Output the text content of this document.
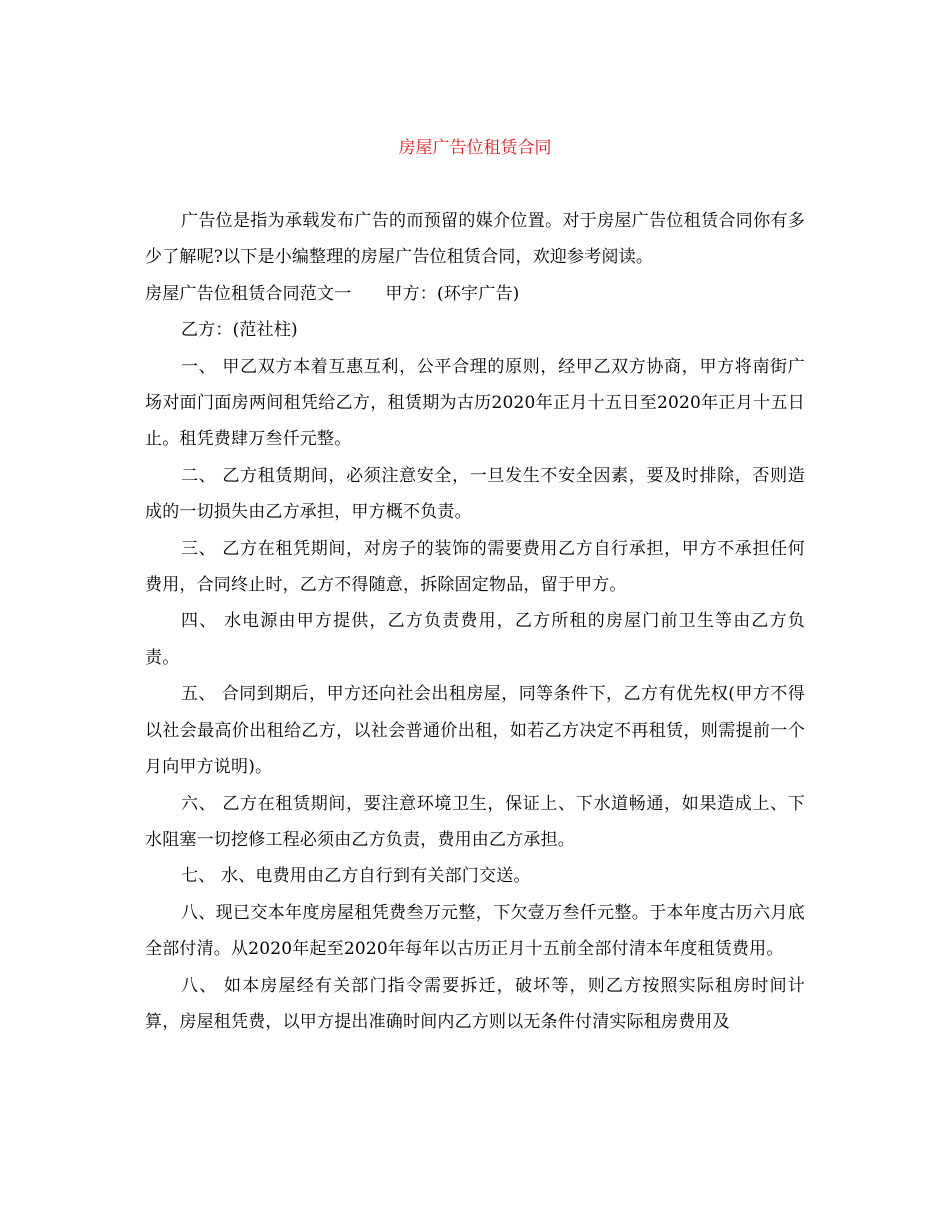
房屋广告位租赁合同

广告位是指为承载发布广告的而预留的媒介位置。对于房屋广告位租赁合同你有多少了解呢?以下是小编整理的房屋广告位租赁合同，欢迎参考阅读。

房屋广告位租赁合同范文一 甲方：(环宇广告)

乙方：(范社柱)

一、 甲乙双方本着互惠互利，公平合理的原则，经甲乙双方协商，甲方将南街广场对面门面房两间租凭给乙方，租赁期为古历2020年正月十五日至2020年正月十五日止。租凭费肆万叁仟元整。

二、 乙方租赁期间，必须注意安全，一旦发生不安全因素，要及时排除，否则造成的一切损失由乙方承担，甲方概不负责。

三、 乙方在租凭期间，对房子的装饰的需要费用乙方自行承担，甲方不承担任何费用，合同终止时，乙方不得随意，拆除固定物品，留于甲方。

四、 水电源由甲方提供，乙方负责费用，乙方所租的房屋门前卫生等由乙方负责。

五、 合同到期后，甲方还向社会出租房屋，同等条件下，乙方有优先权(甲方不得以社会最高价出租给乙方，以社会普通价出租，如若乙方决定不再租赁，则需提前一个月向甲方说明)。

六、 乙方在租赁期间，要注意环境卫生，保证上、下水道畅通，如果造成上、下水阻塞一切挖修工程必须由乙方负责，费用由乙方承担。

七、 水、电费用由乙方自行到有关部门交送。

八、现已交本年度房屋租凭费叁万元整，下欠壹万叁仟元整。于本年度古历六月底全部付清。从2020年起至2020年每年以古历正月十五前全部付清本年度租赁费用。

八、 如本房屋经有关部门指令需要拆迁，破坏等，则乙方按照实际租房时间计算，房屋租凭费，以甲方提出准确时间内乙方则以无条件付清实际租房费用及
